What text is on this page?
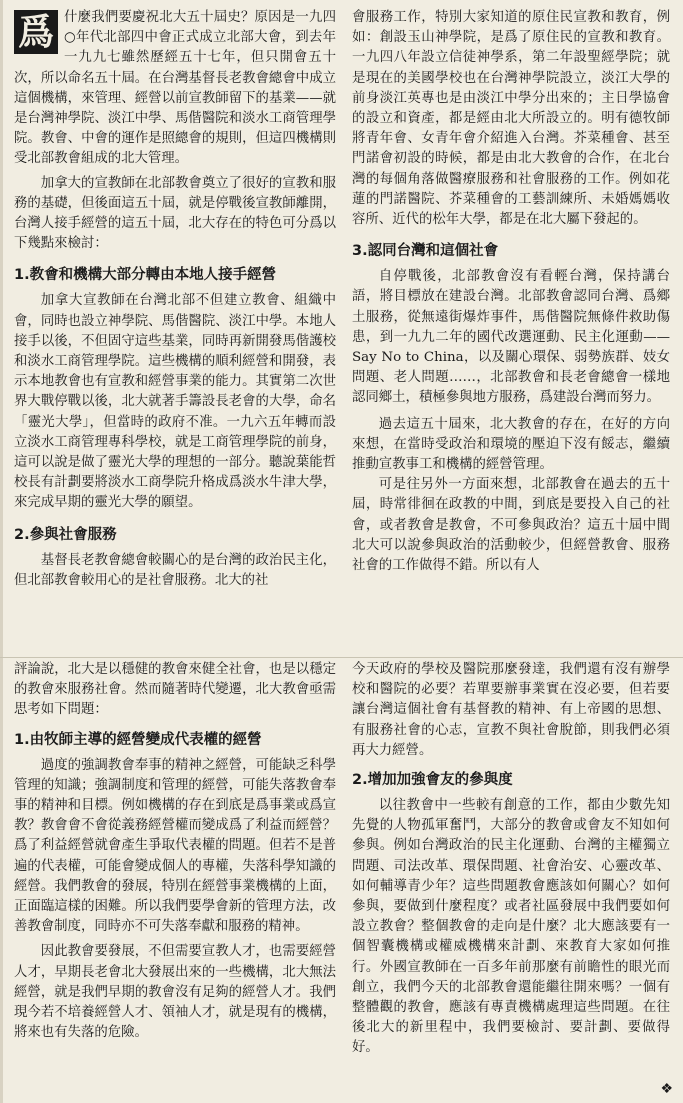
爲 什麼我們要慶祝北大五十屆史？原因是一九四○年代北部四中會正式成立北部大會，到去年一九九七雖然歷經五十七年，但只開會五十次，所以命名五十屆。在台灣基督長老教會總會中成立這個機構，來管理、經營以前宣教師留下的基業——就是台灣神學院、淡江中學、馬偕醫院和淡水工商管理學院。教會、中會的運作是照總會的規則，但這四機構則受北部教會組成的北大管理。

加拿大的宣教師在北部教會奠立了很好的宣教和服務的基礎，但後面這五十屆，就是停戰後宣教師離開，台灣人接手經營的這五十屆，北大存在的特色可分爲以下幾點來檢討：

1.教會和機構大部分轉由本地人接手經營

加拿大宣教師在台灣北部不但建立教會、組織中會，同時也設立神學院、馬偕醫院、淡江中學。本地人接手以後，不但固守這些基業，同時再新開發馬偕護校和淡水工商管理學院。這些機構的順利經營和開發，表示本地教會也有宣教和經營事業的能力。其實第二次世界大戰停戰以後，北大就著手籌設長老會的大學，命名「靈光大學」，但當時的政府不准。一九六五年轉而設立淡水工商管理專科學校，就是工商管理學院的前身，這可以說是做了靈光大學的理想的一部分。聽說葉能哲校長有計劃要將淡水工商學院升格成爲淡水牛津大學，來完成早期的靈光大學的願望。

2.參與社會服務

基督長老教會總會較關心的是台灣的政治民主化，但北部教會較用心的是社會服務。北大的社

會服務工作，特別大家知道的原住民宣教和教育，例如：創設玉山神學院，是爲了原住民的宣教和教育。一九四八年設立信徒神學系，第二年設聖經學院；就是現在的美國學校也在台灣神學院設立，淡江大學的前身淡江英專也是由淡江中學分出來的；主日學協會的設立和資產，都是經由北大所設立的。明有德牧師將青年會、女青年會介紹進入台灣。芥菜種會、甚至門諾會初設的時候，都是由北大教會的合作，在北台灣的每個角落做醫療服務和社會服務的工作。例如花蓮的門諾醫院、芥菜種會的工藝訓練所、未婚媽媽收容所、近代的松年大學，都是在北大屬下發起的。

3.認同台灣和這個社會

自停戰後，北部教會沒有看輕台灣，保持講台語，將目標放在建設台灣。北部教會認同台灣、爲鄉土服務，從無遠街爆炸事件，馬偕醫院無條件救助傷患，到一九九二年的國代改選運動、民主化運動——Say No to China，以及關心環保、弱勢族群、妓女問題、老人問題……，北部教會和長老會總會一樣地認同鄉土，積極參與地方服務，爲建設台灣而努力。

過去這五十屆來，北大教會的存在，在好的方向來想，在當時受政治和環境的壓迫下沒有餒志，繼續推動宣教事工和機構的經營管理。

可是往另外一方面來想，北部教會在過去的五十屆，時常徘徊在政教的中間，到底是要投入自己的社會，或者教會是教會，不可參與政治？這五十屆中間北大可以說參與政治的活動較少，但經營教會、服務社會的工作做得不錯。所以有人

評論說，北大是以穩健的教會來健全社會，也是以穩定的教會來服務社會。然而隨著時代變遷，北大教會亟需思考如下問題：

1.由牧師主導的經營變成代表權的經營

過度的強調教會奉事的精神之經營，可能缺乏科學管理的知識；強調制度和管理的經營，可能失落教會奉事的精神和目標。例如機構的存在到底是爲事業或爲宣教？教會會不會從義務經營權而變成爲了利益而經營？爲了利益經營就會產生爭取代表權的問題。但若不是普遍的代表權，可能會變成個人的專權，失落科學知識的經營。我們教會的發展，特別在經營事業機構的上面，正面臨這樣的困難。所以我們要學會新的管理方法，改善教會制度，同時亦不可失落奉獻和服務的精神。

因此教會要發展，不但需要宣教人才，也需要經營人才，早期長老會北大發展出來的一些機構，北大無法經營，就是我們早期的教會沒有足夠的經營人才。我們現今若不培養經營人才、領袖人才，就是現有的機構，將來也有失落的危險。

今天政府的學校及醫院那麼發達，我們還有沒有辦學校和醫院的必要？若單要辦事業實在沒必要，但若要讓台灣這個社會有基督教的精神、有上帝國的思想、有服務社會的心志，宣教不與社會脫節，則我們必須再大力經營。

2.增加加強會友的參與度

以往教會中一些較有創意的工作，都由少數先知先覺的人物孤軍奮鬥，大部分的教會或會友不知如何參與。例如台灣政治的民主化運動、台灣的主權獨立問題、司法改革、環保問題、社會治安、心靈改革、如何輔導青少年？這些問題教會應該如何關心？如何參與，要做到什麼程度？或者社區發展中我們要如何設立教會？整個教會的走向是什麼？北大應該要有一個智囊機構或權威機構來計劃、來教育大家如何推行。外國宣教師在一百多年前那麼有前瞻性的眼光而創立，我們今天的北部教會還能繼往開來嗎？一個有整體觀的教會，應該有專責機構處理這些問題。在往後北大的新里程中，我們要檢討、要計劃、要做得好。

❖
